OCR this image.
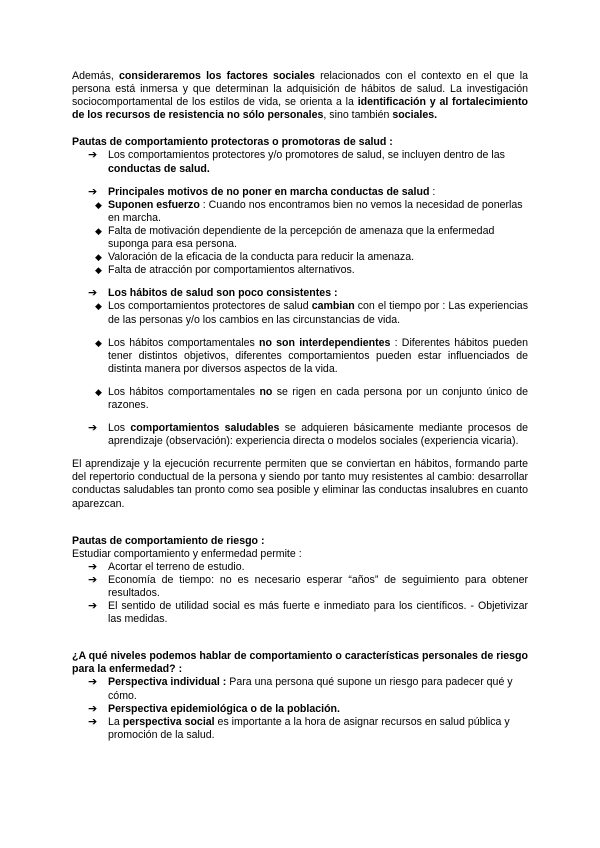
Además, consideraremos los factores sociales relacionados con el contexto en el que la persona está inmersa y que determinan la adquisición de hábitos de salud. La investigación sociocomportamental de los estilos de vida, se orienta a la identificación y al fortalecimiento de los recursos de resistencia no sólo personales, sino también sociales.

Pautas de comportamiento protectoras o promotoras de salud :

➔ Los comportamientos protectores y/o promotores de salud, se incluyen dentro de las conductas de salud.
➔ Principales motivos de no poner en marcha conductas de salud :
◆ Suponen esfuerzo : Cuando nos encontramos bien no vemos la necesidad de ponerlas en marcha.
◆ Falta de motivación dependiente de la percepción de amenaza que la enfermedad suponga para esa persona.
◆ Valoración de la eficacia de la conducta para reducir la amenaza.
◆ Falta de atracción por comportamientos alternativos.
➔ Los hábitos de salud son poco consistentes :
◆ Los comportamientos protectores de salud cambian con el tiempo por : Las experiencias de las personas y/o los cambios en las circunstancias de vida.
◆ Los hábitos comportamentales no son interdependientes : Diferentes hábitos pueden tener distintos objetivos, diferentes comportamientos pueden estar influenciados de distinta manera por diversos aspectos de la vida.
◆ Los hábitos comportamentales no se rigen en cada persona por un conjunto único de razones.
➔ Los comportamientos saludables se adquieren básicamente mediante procesos de aprendizaje (observación): experiencia directa o modelos sociales (experiencia vicaria).

El aprendizaje y la ejecución recurrente permiten que se conviertan en hábitos, formando parte del repertorio conductual de la persona y siendo por tanto muy resistentes al cambio: desarrollar conductas saludables tan pronto como sea posible y eliminar las conductas insalubres en cuanto aparezcan.

Pautas de comportamiento de riesgo :

Estudiar comportamiento y enfermedad permite :

➔ Acortar el terreno de estudio.
➔ Economía de tiempo: no es necesario esperar “años” de seguimiento para obtener resultados.
➔ El sentido de utilidad social es más fuerte e inmediato para los científicos. - Objetivizar las medidas.

¿A qué niveles podemos hablar de comportamiento o características personales de riesgo para la enfermedad? :

➔ Perspectiva individual : Para una persona qué supone un riesgo para padecer qué y cómo.
➔ Perspectiva epidemiológica o de la población.
➔ La perspectiva social es importante a la hora de asignar recursos en salud pública y promoción de la salud.
